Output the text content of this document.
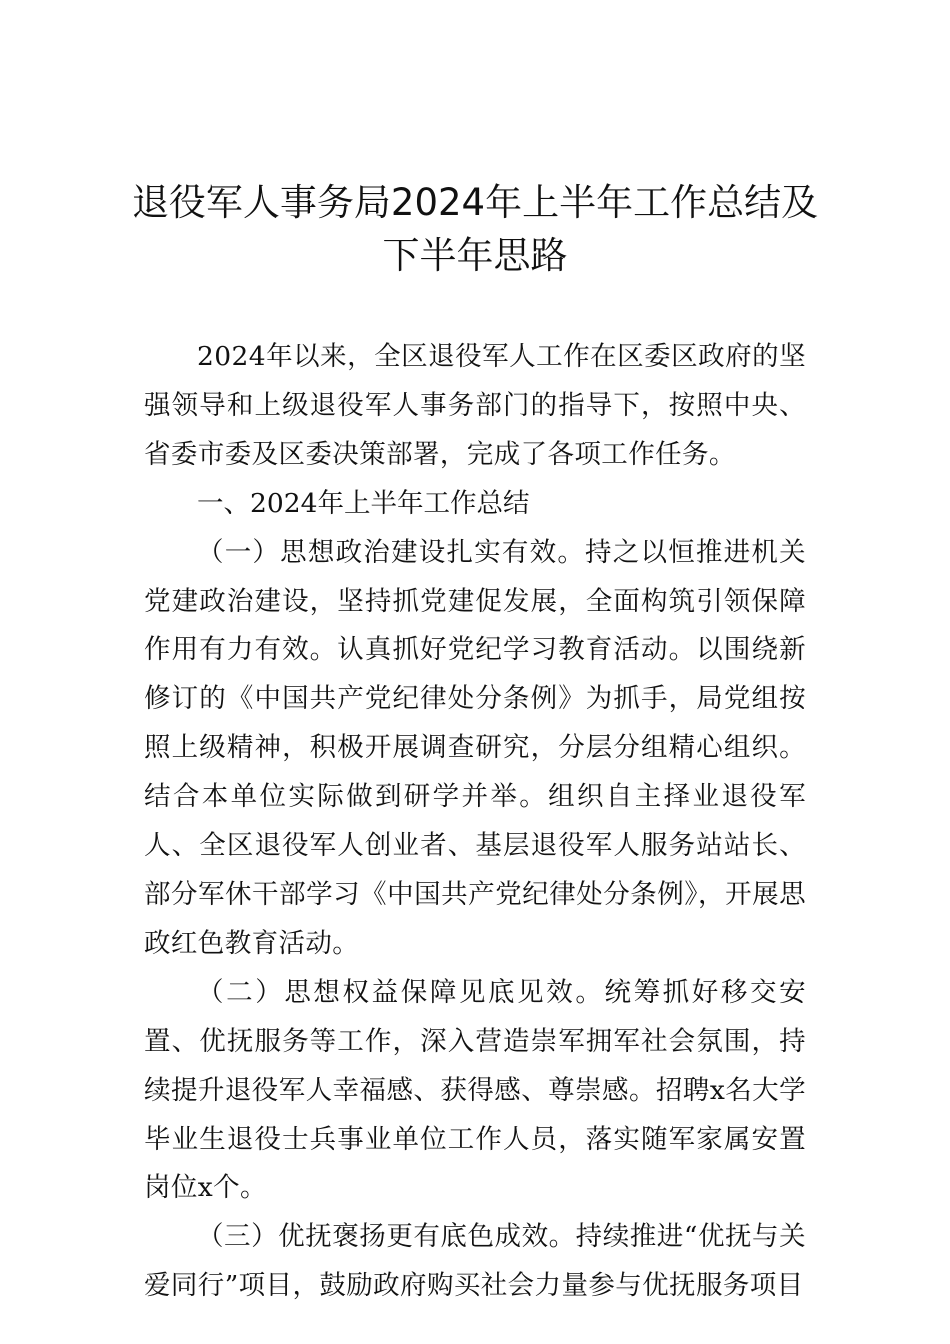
退役军人事务局2024年上半年工作总结及
下半年思路

2024年以来，全区退役军人工作在区委区政府的坚强领导和上级退役军人事务部门的指导下，按照中央、省委市委及区委决策部署，完成了各项工作任务。

一、2024年上半年工作总结

（一）思想政治建设扎实有效。持之以恒推进机关党建政治建设，坚持抓党建促发展，全面构筑引领保障作用有力有效。认真抓好党纪学习教育活动。以围绕新修订的《中国共产党纪律处分条例》为抓手，局党组按照上级精神，积极开展调查研究，分层分组精心组织。结合本单位实际做到研学并举。组织自主择业退役军人、全区退役军人创业者、基层退役军人服务站站长、部分军休干部学习《中国共产党纪律处分条例》，开展思政红色教育活动。

（二）思想权益保障见底见效。统筹抓好移交安置、优抚服务等工作，深入营造崇军拥军社会氛围，持续提升退役军人幸福感、获得感、尊崇感。招聘x名大学毕业生退役士兵事业单位工作人员，落实随军家属安置岗位x个。

（三）优抚褒扬更有底色成效。持续推进“优抚与关爱同行”项目，鼓励政府购买社会力量参与优抚服务项目
